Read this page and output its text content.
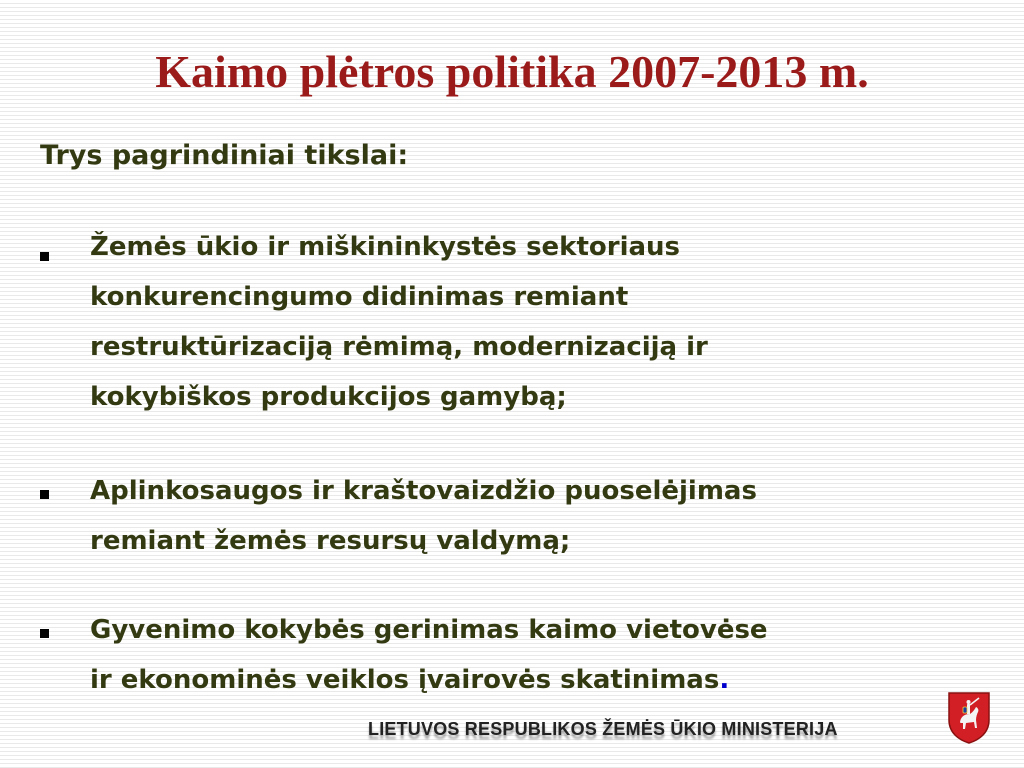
Kaimo plėtros politika 2007-2013 m.
Trys pagrindiniai tikslai:
Žemės ūkio ir miškininkystės sektoriaus
konkurencingumo didinimas remiant
restruktūrizaciją rėmimą, modernizaciją ir
kokybiškos produkcijos gamybą;
Aplinkosaugos ir kraštovaizdžio puoselėjimas
remiant žemės resursų valdymą;
Gyvenimo kokybės gerinimas kaimo vietovėse
ir ekonominės veiklos įvairovės skatinimas.
LIETUVOS RESPUBLIKOS ŽEMĖS ŪKIO MINISTERIJA
